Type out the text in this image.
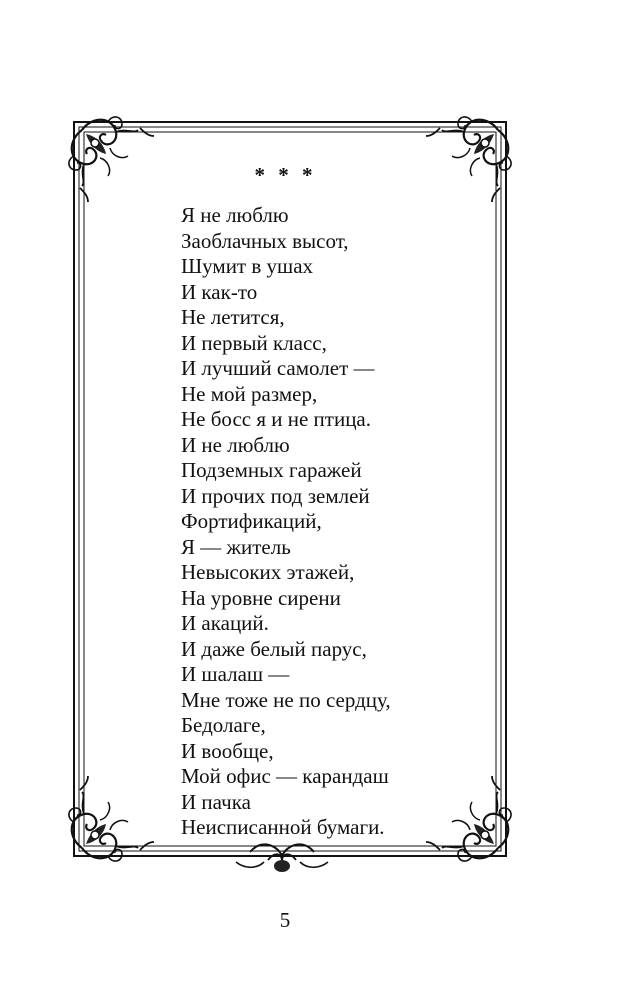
* * *
Я не люблю
Заоблачных высот,
Шумит в ушах
И как-то
Не летится,
И первый класс,
И лучший самолет —
Не мой размер,
Не босс я и не птица.
И не люблю
Подземных гаражей
И прочих под землей
Фортификаций,
Я — житель
Невысоких этажей,
На уровне сирени
И акаций.
И даже белый парус,
И шалаш —
Мне тоже не по сердцу,
Бедолаге,
И вообще,
Мой офис — карандаш
И пачка
Неисписанной бумаги.
5
